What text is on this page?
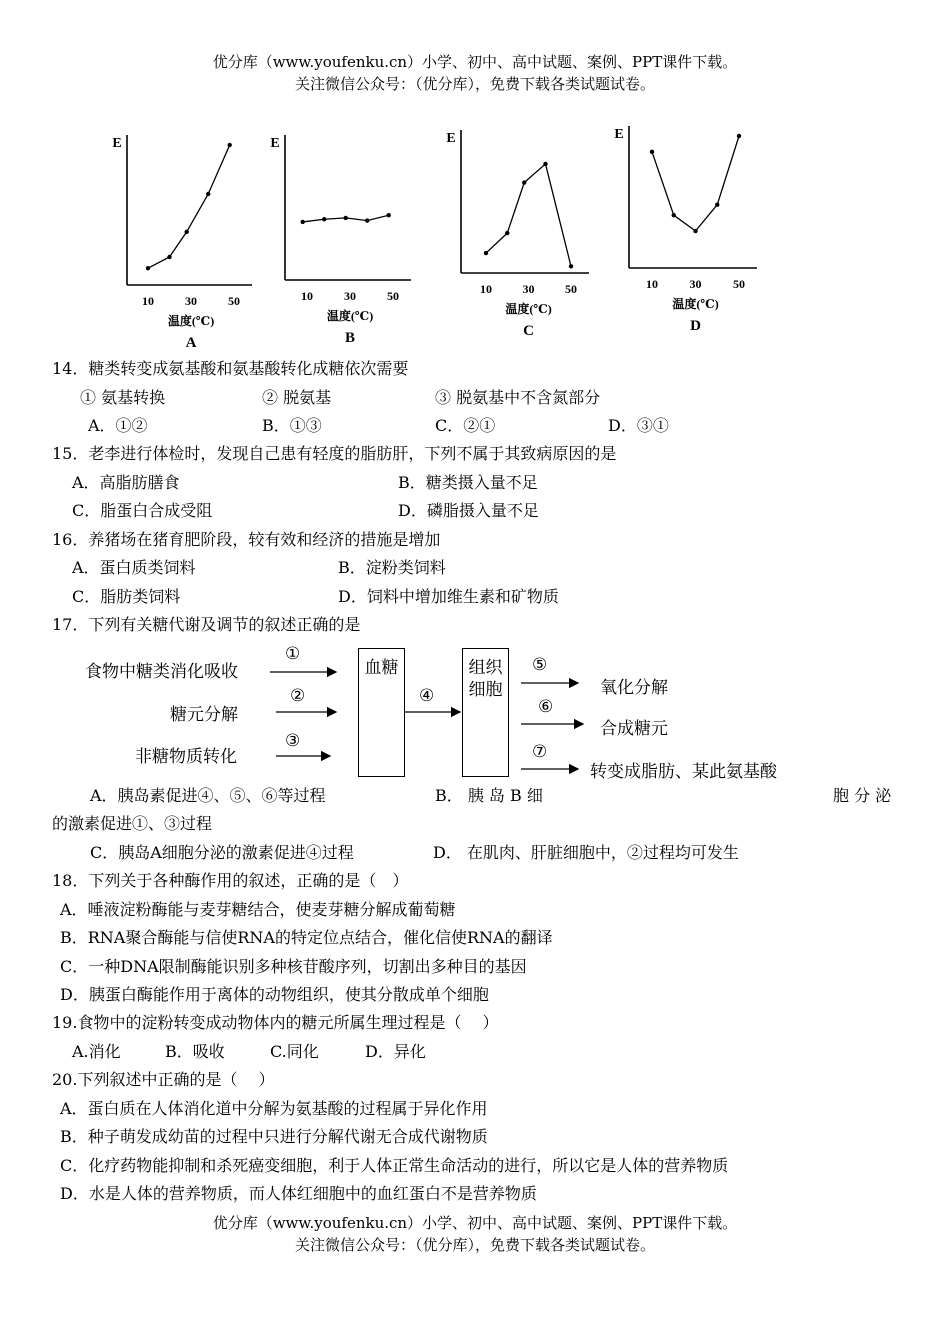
优分库（www.youfenku.cn）小学、初中、高中试题、案例、PPT课件下载。
关注微信公众号：（优分库），免费下载各类试题试卷。
E
10	30	50
温度(℃)
A
E
10	30	50
温度(℃)
B
E
10	30	50
温度(℃)
C
E
10	30	50
温度(℃)
D
14．糖类转变成氨基酸和氨基酸转化成糖依次需要
① 氨基转换	② 脱氨基	③ 脱氨基中不含氮部分
A．①②	B．①③	C．②①	D．③①
15．老李进行体检时，发现自己患有轻度的脂肪肝，下列不属于其致病原因的是
A．高脂肪膳食	B．糖类摄入量不足
C．脂蛋白合成受阻	D．磷脂摄入量不足
16．养猪场在猪育肥阶段，较有效和经济的措施是增加
A．蛋白质类饲料	B．淀粉类饲料
C．脂肪类饲料	D．饲料中增加维生素和矿物质
17．下列有关糖代谢及调节的叙述正确的是
食物中糖类消化吸收
糖元分解
非糖物质转化
①
②
③
血糖
④
组织细胞
⑤
⑥
⑦
氧化分解
合成糖元
转变成脂肪、某此氨基酸
A．胰岛素促进④、⑤、⑥等过程	B． 胰 岛 B 细	胞 分 泌
的激素促进①、③过程
C．胰岛A细胞分泌的激素促进④过程	D． 在肌肉、肝脏细胞中，②过程均可发生
18．下列关于各种酶作用的叙述，正确的是（　）
A．唾液淀粉酶能与麦芽糖结合，使麦芽糖分解成葡萄糖
B．RNA聚合酶能与信使RNA的特定位点结合，催化信使RNA的翻译
C．一种DNA限制酶能识别多种核苷酸序列，切割出多种目的基因
D．胰蛋白酶能作用于离体的动物组织，使其分散成单个细胞
19.食物中的淀粉转变成动物体内的糖元所属生理过程是（　 ）
A.消化	B．吸收	C.同化	D．异化
20.下列叙述中正确的是（　 ）
A．蛋白质在人体消化道中分解为氨基酸的过程属于异化作用
B．种子萌发成幼苗的过程中只进行分解代谢无合成代谢物质
C．化疗药物能抑制和杀死癌变细胞，利于人体正常生命活动的进行，所以它是人体的营养物质
D．水是人体的营养物质，而人体红细胞中的血红蛋白不是营养物质
优分库（www.youfenku.cn）小学、初中、高中试题、案例、PPT课件下载。
关注微信公众号：（优分库），免费下载各类试题试卷。
